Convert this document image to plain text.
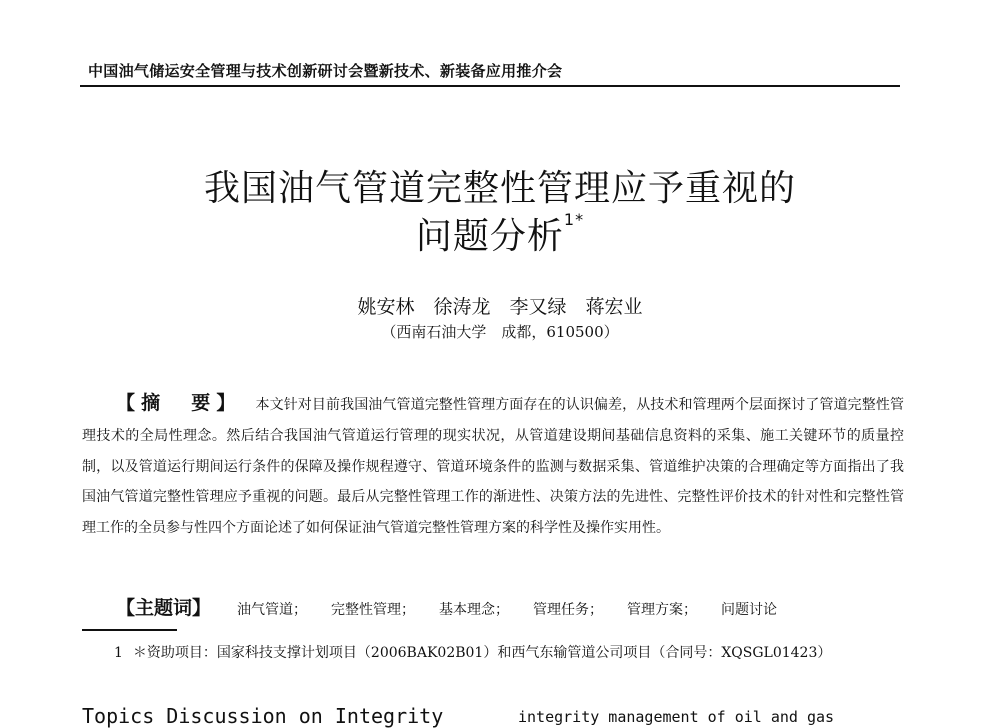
中国油气储运安全管理与技术创新研讨会暨新技术、新装备应用推介会
我国油气管道完整性管理应予重视的
问题分析$^{1*}$
姚安林　徐涛龙　李又绿　蒋宏业
（西南石油大学　成都，610500）
【摘　要】 本文针对目前我国油气管道完整性管理方面存在的认识偏差，从技术和管理两个层面探讨了管道完整性管理技术的全局性理念。然后结合我国油气管道运行管理的现实状况，从管道建设期间基础信息资料的采集、施工关键环节的质量控制，以及管道运行期间运行条件的保障及操作规程遵守、管道环境条件的监测与数据采集、管道维护决策的合理确定等方面指出了我国油气管道完整性管理应予重视的问题。最后从完整性管理工作的渐进性、决策方法的先进性、完整性评价技术的针对性和完整性管理工作的全员参与性四个方面论述了如何保证油气管道完整性管理方案的科学性及操作实用性。
【主题词】 油气管道； 完整性管理； 基本理念； 管理任务； 管理方案； 问题讨论
1 ＊资助项目：国家科技支撑计划项目（2006BAK02B01）和西气东输管道公司项目（合同号：XQSGL01423）
Topics Discussion on Integrity	integrity management of oil and gas
